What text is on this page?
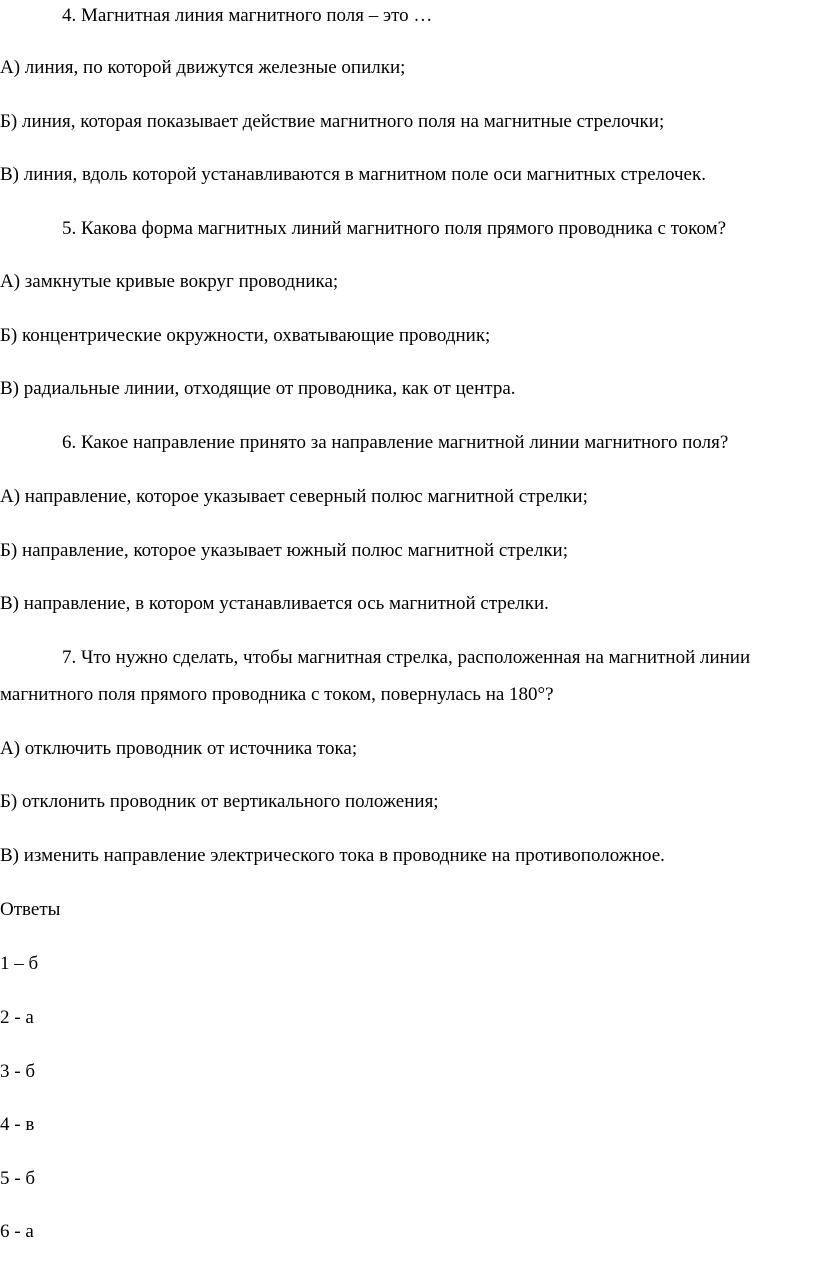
4. Магнитная линия магнитного поля – это …
А) линия, по которой движутся железные опилки;
Б) линия, которая показывает действие магнитного поля на магнитные стрелочки;
В) линия, вдоль которой устанавливаются в магнитном поле оси магнитных стрелочек.
5. Какова форма магнитных линий магнитного поля прямого проводника с током?
А) замкнутые кривые вокруг проводника;
Б) концентрические окружности, охватывающие проводник;
В) радиальные линии, отходящие от проводника, как от центра.
6. Какое направление принято за направление магнитной линии магнитного поля?
А) направление, которое указывает северный полюс магнитной стрелки;
Б) направление, которое указывает южный полюс магнитной стрелки;
В) направление, в котором устанавливается ось магнитной стрелки.
7. Что нужно сделать, чтобы магнитная стрелка, расположенная на магнитной линии
магнитного поля прямого проводника с током, повернулась на 180°?
А) отключить проводник от источника тока;
Б) отклонить проводник от вертикального положения;
В) изменить направление электрического тока в проводнике на противоположное.
Ответы
1 – б
2 - а
3 - б
4 - в
5 - б
6 - а
